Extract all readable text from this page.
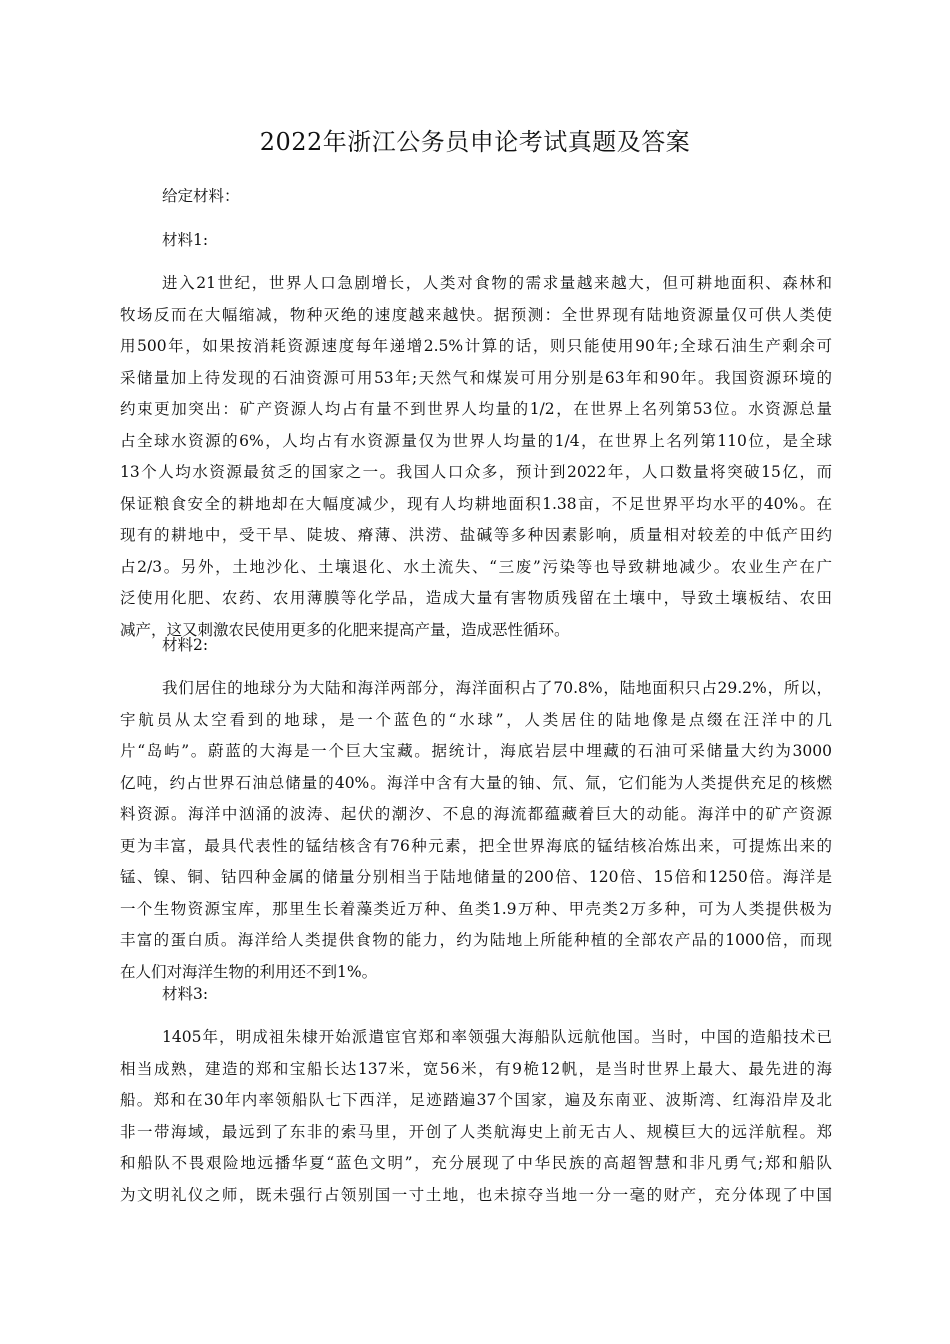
2022年浙江公务员申论考试真题及答案
给定材料：
材料1:
进入21世纪，世界人口急剧增长，人类对食物的需求量越来越大，但可耕地面积、森林和
牧场反而在大幅缩减，物种灭绝的速度越来越快。据预测：全世界现有陆地资源量仅可供人类使
用500年，如果按消耗资源速度每年递增2.5%计算的话，则只能使用90年;全球石油生产剩余可
采储量加上待发现的石油资源可用53年;天然气和煤炭可用分别是63年和90年。我国资源环境的
约束更加突出：矿产资源人均占有量不到世界人均量的1/2，在世界上名列第53位。水资源总量
占全球水资源的6%，人均占有水资源量仅为世界人均量的1/4，在世界上名列第110位，是全球
13个人均水资源最贫乏的国家之一。我国人口众多，预计到2022年，人口数量将突破15亿，而
保证粮食安全的耕地却在大幅度减少，现有人均耕地面积1.38亩，不足世界平均水平的40%。在
现有的耕地中，受干旱、陡坡、瘠薄、洪涝、盐碱等多种因素影响，质量相对较差的中低产田约
占2/3。另外，土地沙化、土壤退化、水土流失、“三废”污染等也导致耕地减少。农业生产在广
泛使用化肥、农药、农用薄膜等化学品，造成大量有害物质残留在土壤中，导致土壤板结、农田
减产，这又刺激农民使用更多的化肥来提高产量，造成恶性循环。
材料2:
我们居住的地球分为大陆和海洋两部分，海洋面积占了70.8%，陆地面积只占29.2%，所以，
宇航员从太空看到的地球，是一个蓝色的“水球”，人类居住的陆地像是点缀在汪洋中的几
片“岛屿”。蔚蓝的大海是一个巨大宝藏。据统计，海底岩层中埋藏的石油可采储量大约为3000
亿吨，约占世界石油总储量的40%。海洋中含有大量的铀、氘、氚，它们能为人类提供充足的核燃
料资源。海洋中汹涌的波涛、起伏的潮汐、不息的海流都蕴藏着巨大的动能。海洋中的矿产资源
更为丰富，最具代表性的锰结核含有76种元素，把全世界海底的锰结核冶炼出来，可提炼出来的
锰、镍、铜、钴四种金属的储量分别相当于陆地储量的200倍、120倍、15倍和1250倍。海洋是
一个生物资源宝库，那里生长着藻类近万种、鱼类1.9万种、甲壳类2万多种，可为人类提供极为
丰富的蛋白质。海洋给人类提供食物的能力，约为陆地上所能种植的全部农产品的1000倍，而现
在人们对海洋生物的利用还不到1%。
材料3:
1405年，明成祖朱棣开始派遣宦官郑和率领强大海船队远航他国。当时，中国的造船技术已
相当成熟，建造的郑和宝船长达137米，宽56米，有9桅12帆，是当时世界上最大、最先进的海
船。郑和在30年内率领船队七下西洋，足迹踏遍37个国家，遍及东南亚、波斯湾、红海沿岸及北
非一带海域，最远到了东非的索马里，开创了人类航海史上前无古人、规模巨大的远洋航程。郑
和船队不畏艰险地远播华夏“蓝色文明”，充分展现了中华民族的高超智慧和非凡勇气;郑和船队
为文明礼仪之师，既未强行占领别国一寸土地，也未掠夺当地一分一毫的财产，充分体现了中国
